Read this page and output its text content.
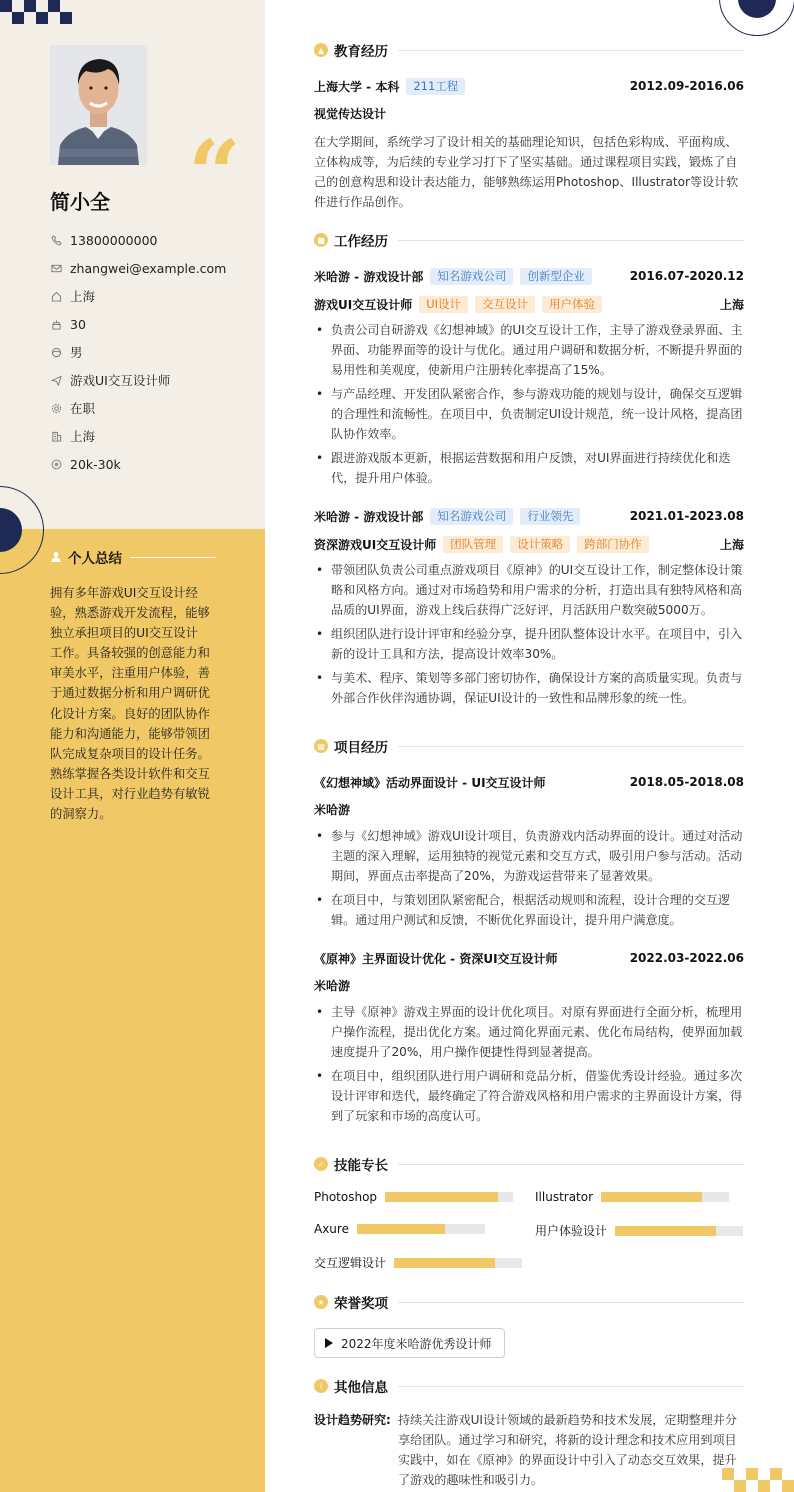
“
简小全
13800000000
zhangwei@example.com
上海
30
男
游戏UI交互设计师
在职
上海
20k-30k
个人总结
拥有多年游戏UI交互设计经验，熟悉游戏开发流程，能够独立承担项目的UI交互设计工作。具备较强的创意能力和审美水平，注重用户体验，善于通过数据分析和用户调研优化设计方案。良好的团队协作能力和沟通能力，能够带领团队完成复杂项目的设计任务。熟练掌握各类设计软件和交互设计工具，对行业趋势有敏锐的洞察力。
▲ 教育经历
上海大学 - 本科	211工程	2012.09-2016.06
视觉传达设计
在大学期间，系统学习了设计相关的基础理论知识，包括色彩构成、平面构成、立体构成等，为后续的专业学习打下了坚实基础。通过课程项目实践，锻炼了自己的创意构思和设计表达能力，能够熟练运用Photoshop、Illustrator等设计软件进行作品创作。
■ 工作经历
米哈游 - 游戏设计部	知名游戏公司	创新型企业	2016.07-2020.12
游戏UI交互设计师	UI设计	交互设计	用户体验	上海
• 负责公司自研游戏《幻想神域》的UI交互设计工作，主导了游戏登录界面、主界面、功能界面等的设计与优化。通过用户调研和数据分析，不断提升界面的易用性和美观度，使新用户注册转化率提高了15%。
• 与产品经理、开发团队紧密合作，参与游戏功能的规划与设计，确保交互逻辑的合理性和流畅性。在项目中，负责制定UI设计规范，统一设计风格，提高团队协作效率。
• 跟进游戏版本更新，根据运营数据和用户反馈，对UI界面进行持续优化和迭代，提升用户体验。
米哈游 - 游戏设计部	知名游戏公司	行业领先	2021.01-2023.08
资深游戏UI交互设计师	团队管理	设计策略	跨部门协作	上海
• 带领团队负责公司重点游戏项目《原神》的UI交互设计工作，制定整体设计策略和风格方向。通过对市场趋势和用户需求的分析，打造出具有独特风格和高品质的UI界面，游戏上线后获得广泛好评，月活跃用户数突破5000万。
• 组织团队进行设计评审和经验分享，提升团队整体设计水平。在项目中，引入新的设计工具和方法，提高设计效率30%。
• 与美术、程序、策划等多部门密切协作，确保设计方案的高质量实现。负责与外部合作伙伴沟通协调，保证UI设计的一致性和品牌形象的统一性。
▦ 项目经历
《幻想神域》活动界面设计 - UI交互设计师	2018.05-2018.08
米哈游
• 参与《幻想神域》游戏UI设计项目，负责游戏内活动界面的设计。通过对活动主题的深入理解，运用独特的视觉元素和交互方式，吸引用户参与活动。活动期间，界面点击率提高了20%，为游戏运营带来了显著效果。
• 在项目中，与策划团队紧密配合，根据活动规则和流程，设计合理的交互逻辑。通过用户测试和反馈，不断优化界面设计，提升用户满意度。
《原神》主界面设计优化 - 资深UI交互设计师	2022.03-2022.06
米哈游
• 主导《原神》游戏主界面的设计优化项目。对原有界面进行全面分析，梳理用户操作流程，提出优化方案。通过简化界面元素、优化布局结构，使界面加载速度提升了20%，用户操作便捷性得到显著提高。
• 在项目中，组织团队进行用户调研和竞品分析，借鉴优秀设计经验。通过多次设计评审和迭代，最终确定了符合游戏风格和用户需求的主界面设计方案，得到了玩家和市场的高度认可。
✓ 技能专长
Photoshop	Illustrator
Axure	用户体验设计
交互逻辑设计
★ 荣誉奖项
2022年度米哈游优秀设计师
i 其他信息
设计趋势研究: 持续关注游戏UI设计领域的最新趋势和技术发展，定期整理并分享给团队。通过学习和研究，将新的设计理念和技术应用到项目实践中，如在《原神》的界面设计中引入了动态交互效果，提升了游戏的趣味性和吸引力。
